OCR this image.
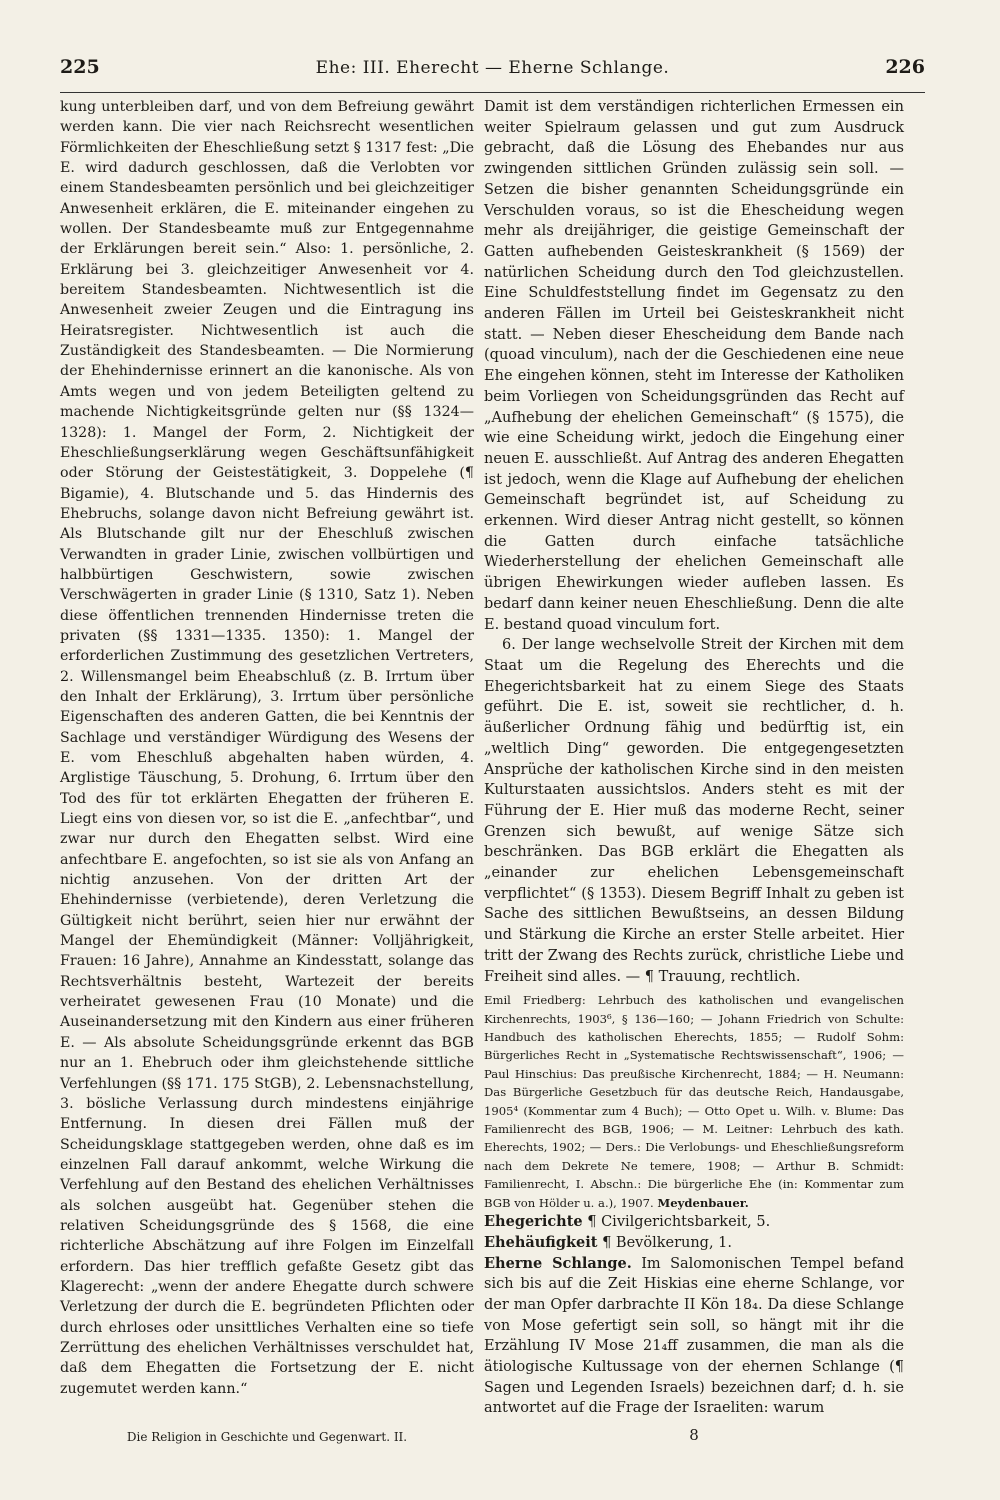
225	Ehe: III. Eherecht — Eherne Schlange.	226

kung unterbleiben darf, und von dem Befreiung gewährt werden kann. Die vier nach Reichsrecht wesentlichen Förmlichkeiten der Eheschließung setzt § 1317 fest: „Die E. wird dadurch geschlossen, daß die Verlobten vor einem Standesbeamten persönlich und bei gleichzeitiger Anwesenheit erklären, die E. miteinander eingehen zu wollen. Der Standesbeamte muß zur Entgegennahme der Erklärungen bereit sein.“ Also: 1. persönliche, 2. Erklärung bei 3. gleichzeitiger Anwesenheit vor 4. bereitem Standesbeamten. Nichtwesentlich ist die Anwesenheit zweier Zeugen und die Eintragung ins Heiratsregister. Nichtwesentlich ist auch die Zuständigkeit des Standesbeamten. — Die Normierung der Ehehindernisse erinnert an die kanonische. Als von Amts wegen und von jedem Beteiligten geltend zu machende Nichtigkeitsgründe gelten nur (§§ 1324—1328): 1. Mangel der Form, 2. Nichtigkeit der Eheschließungserklärung wegen Geschäftsunfähigkeit oder Störung der Geistestätigkeit, 3. Doppelehe (¶ Bigamie), 4. Blutschande und 5. das Hindernis des Ehebruchs, solange davon nicht Befreiung gewährt ist. Als Blutschande gilt nur der Eheschluß zwischen Verwandten in grader Linie, zwischen vollbürtigen und halbbürtigen Geschwistern, sowie zwischen Verschwägerten in grader Linie (§ 1310, Satz 1). Neben diese öffentlichen trennenden Hindernisse treten die privaten (§§ 1331—1335. 1350): 1. Mangel der erforderlichen Zustimmung des gesetzlichen Vertreters, 2. Willensmangel beim Eheabschluß (z. B. Irrtum über den Inhalt der Erklärung), 3. Irrtum über persönliche Eigenschaften des anderen Gatten, die bei Kenntnis der Sachlage und verständiger Würdigung des Wesens der E. vom Eheschluß abgehalten haben würden, 4. Arglistige Täuschung, 5. Drohung, 6. Irrtum über den Tod des für tot erklärten Ehegatten der früheren E. Liegt eins von diesen vor, so ist die E. „anfechtbar“, und zwar nur durch den Ehegatten selbst. Wird eine anfechtbare E. angefochten, so ist sie als von Anfang an nichtig anzusehen. Von der dritten Art der Ehehindernisse (verbietende), deren Verletzung die Gültigkeit nicht berührt, seien hier nur erwähnt der Mangel der Ehemündigkeit (Männer: Volljährigkeit, Frauen: 16 Jahre), Annahme an Kindesstatt, solange das Rechtsverhältnis besteht, Wartezeit der bereits verheiratet gewesenen Frau (10 Monate) und die Auseinandersetzung mit den Kindern aus einer früheren E. — Als absolute Scheidungsgründe erkennt das BGB nur an 1. Ehebruch oder ihm gleichstehende sittliche Verfehlungen (§§ 171. 175 StGB), 2. Lebensnachstellung, 3. bösliche Verlassung durch mindestens einjährige Entfernung. In diesen drei Fällen muß der Scheidungsklage stattgegeben werden, ohne daß es im einzelnen Fall darauf ankommt, welche Wirkung die Verfehlung auf den Bestand des ehelichen Verhältnisses als solchen ausgeübt hat. Gegenüber stehen die relativen Scheidungsgründe des § 1568, die eine richterliche Abschätzung auf ihre Folgen im Einzelfall erfordern. Das hier trefflich gefaßte Gesetz gibt das Klagerecht: „wenn der andere Ehegatte durch schwere Verletzung der durch die E. begründeten Pflichten oder durch ehrloses oder unsittliches Verhalten eine so tiefe Zerrüttung des ehelichen Verhältnisses verschuldet hat, daß dem Ehegatten die Fortsetzung der E. nicht zugemutet werden kann.“

Damit ist dem verständigen richterlichen Ermessen ein weiter Spielraum gelassen und gut zum Ausdruck gebracht, daß die Lösung des Ehebandes nur aus zwingenden sittlichen Gründen zulässig sein soll. — Setzen die bisher genannten Scheidungsgründe ein Verschulden voraus, so ist die Ehescheidung wegen mehr als dreijähriger, die geistige Gemeinschaft der Gatten aufhebenden Geisteskrankheit (§ 1569) der natürlichen Scheidung durch den Tod gleichzustellen. Eine Schuldfeststellung findet im Gegensatz zu den anderen Fällen im Urteil bei Geisteskrankheit nicht statt. — Neben dieser Ehescheidung dem Bande nach (quoad vinculum), nach der die Geschiedenen eine neue Ehe eingehen können, steht im Interesse der Katholiken beim Vorliegen von Scheidungsgründen das Recht auf „Aufhebung der ehelichen Gemeinschaft“ (§ 1575), die wie eine Scheidung wirkt, jedoch die Eingehung einer neuen E. ausschließt. Auf Antrag des anderen Ehegatten ist jedoch, wenn die Klage auf Aufhebung der ehelichen Gemeinschaft begründet ist, auf Scheidung zu erkennen. Wird dieser Antrag nicht gestellt, so können die Gatten durch einfache tatsächliche Wiederherstellung der ehelichen Gemeinschaft alle übrigen Ehewirkungen wieder aufleben lassen. Es bedarf dann keiner neuen Eheschließung. Denn die alte E. bestand quoad vinculum fort.

6. Der lange wechselvolle Streit der Kirchen mit dem Staat um die Regelung des Eherechts und die Ehegerichtsbarkeit hat zu einem Siege des Staats geführt. Die E. ist, soweit sie rechtlicher, d. h. äußerlicher Ordnung fähig und bedürftig ist, ein „weltlich Ding“ geworden. Die entgegengesetzten Ansprüche der katholischen Kirche sind in den meisten Kulturstaaten aussichtslos. Anders steht es mit der Führung der E. Hier muß das moderne Recht, seiner Grenzen sich bewußt, auf wenige Sätze sich beschränken. Das BGB erklärt die Ehegatten als „einander zur ehelichen Lebensgemeinschaft verpflichtet“ (§ 1353). Diesem Begriff Inhalt zu geben ist Sache des sittlichen Bewußtseins, an dessen Bildung und Stärkung die Kirche an erster Stelle arbeitet. Hier tritt der Zwang des Rechts zurück, christliche Liebe und Freiheit sind alles. — ¶ Trauung, rechtlich.

Emil Friedberg: Lehrbuch des katholischen und evangelischen Kirchenrechts, 1903⁶, § 136—160; — Johann Friedrich von Schulte: Handbuch des katholischen Eherechts, 1855; — Rudolf Sohm: Bürgerliches Recht in „Systematische Rechtswissenschaft“, 1906; — Paul Hinschius: Das preußische Kirchenrecht, 1884; — H. Neumann: Das Bürgerliche Gesetzbuch für das deutsche Reich, Handausgabe, 1905⁴ (Kommentar zum 4 Buch); — Otto Opet u. Wilh. v. Blume: Das Familienrecht des BGB, 1906; — M. Leitner: Lehrbuch des kath. Eherechts, 1902; — Ders.: Die Verlobungs- und Eheschließungsreform nach dem Dekrete Ne temere, 1908; — Arthur B. Schmidt: Familienrecht, I. Abschn.: Die bürgerliche Ehe (in: Kommentar zum BGB von Hölder u. a.), 1907. Meydenbauer.

Ehegerichte ¶ Civilgerichtsbarkeit, 5.

Ehehäufigkeit ¶ Bevölkerung, 1.

Eherne Schlange. Im Salomonischen Tempel befand sich bis auf die Zeit Hiskias eine eherne Schlange, vor der man Opfer darbrachte II Kön 18₄. Da diese Schlange von Mose gefertigt sein soll, so hängt mit ihr die Erzählung IV Mose 21₄ff zusammen, die man als die ätiologische Kultussage von der ehernen Schlange (¶ Sagen und Legenden Israels) bezeichnen darf; d. h. sie antwortet auf die Frage der Israeliten: warum

Die Religion in Geschichte und Gegenwart. II.	8
